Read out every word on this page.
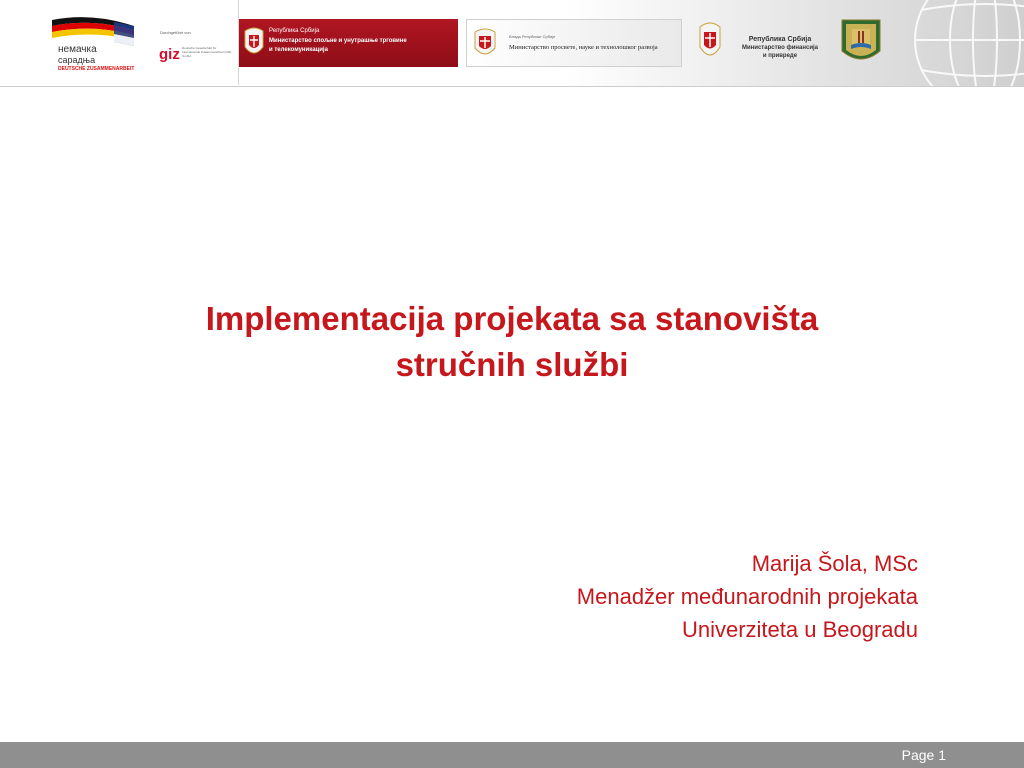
немачка
сарадња
DEUTSCHE ZUSAMMENARBEIT
Durchgeführt von
giz Deutsche Gesellschaft für Internationale Zusammenarbeit (GIZ) GmbH
Република Србија
Министарство спољне и унутрашње трговине
и телекомуникација
Влада Републике Србије
Министарство просвете, науке и технолошког развоја
Република Србија
Министарство финансија
и привреде
Implementacija projekata sa stanovišta
stručnih službi
Marija Šola, MSc
Menadžer međunarodnih projekata
Univerziteta u Beogradu
Page 1
